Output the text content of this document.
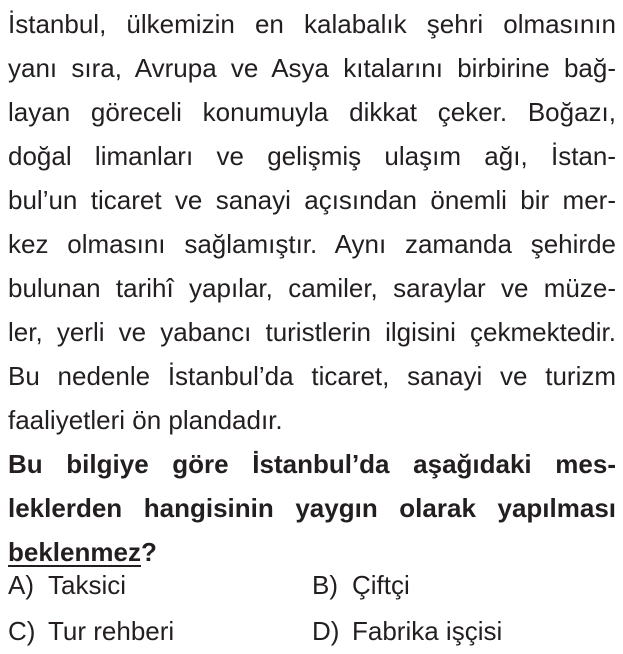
İstanbul, ülkemizin en kalabalık şehri olmasının
yanı sıra, Avrupa ve Asya kıtalarını birbirine bağ-
layan göreceli konumuyla dikkat çeker. Boğazı,
doğal limanları ve gelişmiş ulaşım ağı, İstan-
bul’un ticaret ve sanayi açısından önemli bir mer-
kez olmasını sağlamıştır. Aynı zamanda şehirde
bulunan tarihî yapılar, camiler, saraylar ve müze-
ler, yerli ve yabancı turistlerin ilgisini çekmektedir.
Bu nedenle İstanbul’da ticaret, sanayi ve turizm
faaliyetleri ön plandadır.
Bu bilgiye göre İstanbul’da aşağıdaki mes-
leklerden hangisinin yaygın olarak yapılması
beklenmez?
A) Taksici	B) Çiftçi
C) Tur rehberi	D) Fabrika işçisi
